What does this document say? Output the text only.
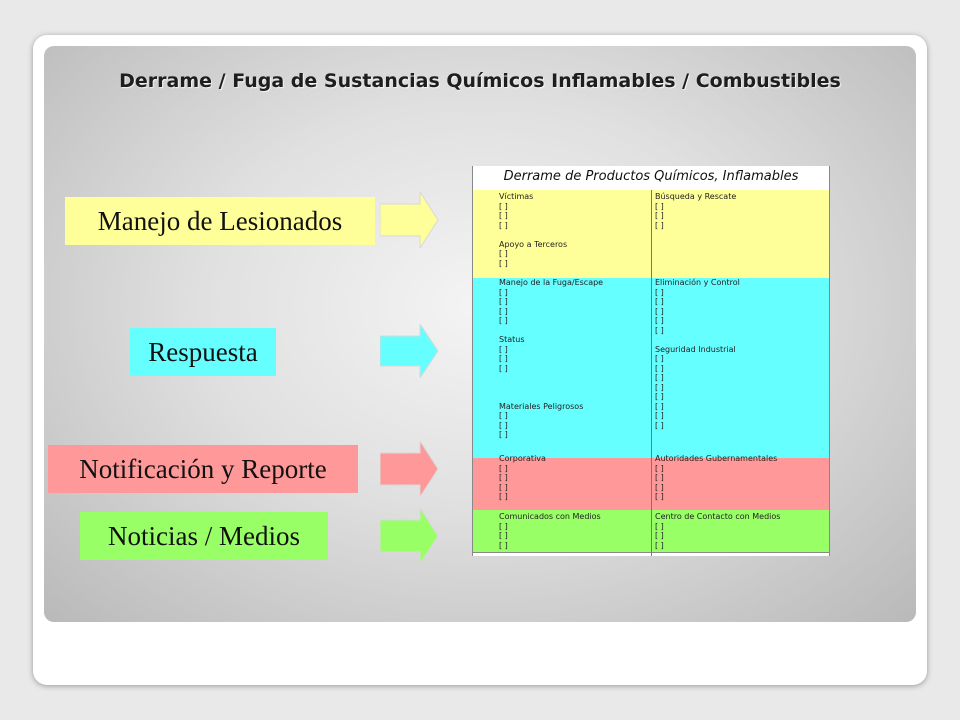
Derrame / Fuga de Sustancias Químicos Inflamables / Combustibles
Manejo de Lesionados
Respuesta
Notificación y Reporte
Noticias / Medios
Derrame de Productos Químicos, Inflamables
Víctimas
[ ]
[ ]
[ ]

Apoyo a Terceros
[ ]
[ ]
Búsqueda y Rescate
[ ]
[ ]
[ ]
Manejo de la Fuga/Escape
[ ]
[ ]
[ ]
[ ]

Status
[ ]
[ ]
[ ]

Materiales Peligrosos
[ ]
[ ]
[ ]
Eliminación y Control
[ ]
[ ]
[ ]
[ ]
[ ]

Seguridad Industrial
[ ]
[ ]
[ ]
[ ]
[ ]
[ ]
[ ]
[ ]
Corporativa
[ ]
[ ]
[ ]
[ ]
Autoridades Gubernamentales
[ ]
[ ]
[ ]
[ ]
Comunicados con Medios
[ ]
[ ]
[ ]
Centro de Contacto con Medios
[ ]
[ ]
[ ]
